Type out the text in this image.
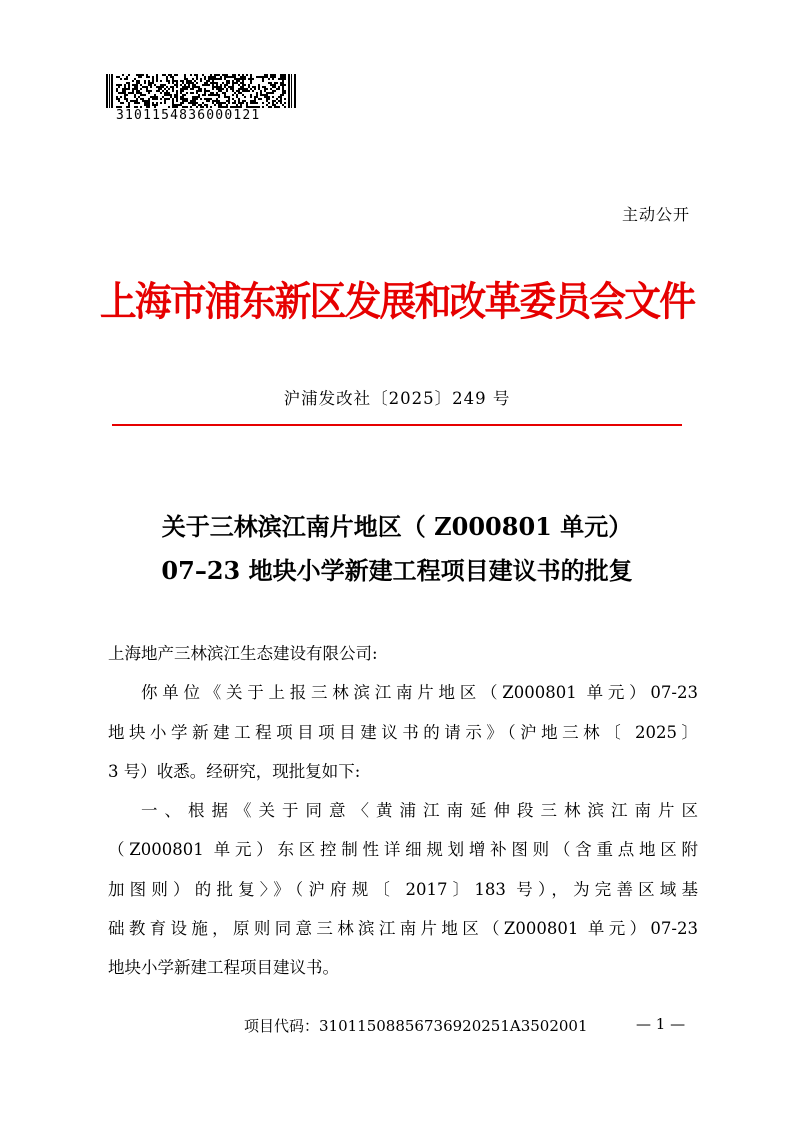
3101154836000121
主动公开
上海市浦东新区发展和改革委员会文件
沪浦发改社〔2025〕249 号
关于三林滨江南片地区（ Z000801 单元）
07–23 地块小学新建工程项目建议书的批复

上海地产三林滨江生态建设有限公司:

你单位《关于上报三林滨江南片地区（Z000801 单元）07-23

地块小学新建工程项目项目建议书的请示》（沪地三林〔 2025〕

3 号）收悉。经研究，现批复如下:

一、根据《关于同意〈黄浦江南延伸段三林滨江南片区

（Z000801 单元）东区控制性详细规划增补图则（含重点地区附

加图则）的批复〉》（沪府规〔 2017〕183 号），为完善区域基

础教育设施，原则同意三林滨江南片地区（Z000801 单元）07-23

地块小学新建工程项目建议书。

项目代码：31011508856736920251A3502001	— 1 —
